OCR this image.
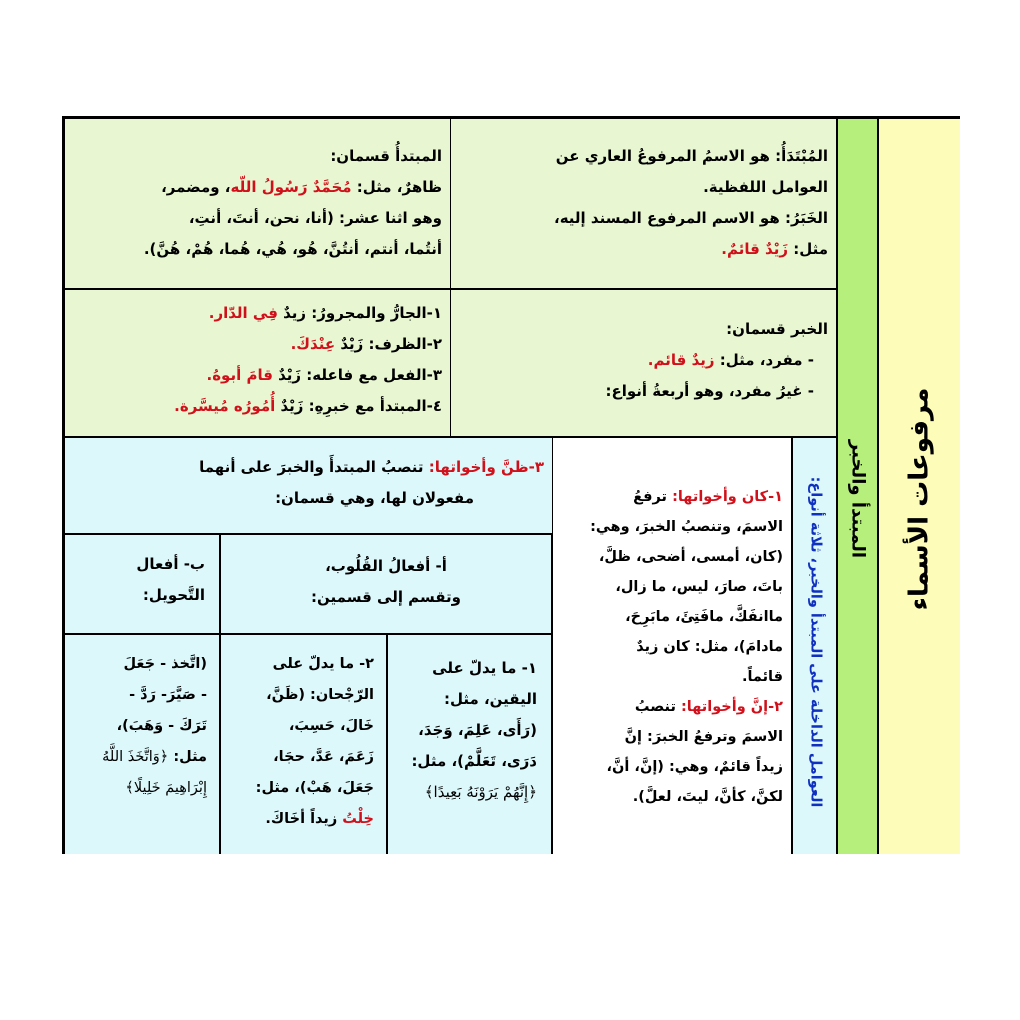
مرفوعات الأسماء
المبتدأ والخبر
العوامل الداخلة على المبتدأ والخبر، ثلاثة أنواع:
المُبْتَدَأُ: هو الاسمُ المرفوعُ العاري عن
العوامل اللفظية.
الخَبَرُ: هو الاسم المرفوع المسند إليه،
مثل: زَيْدٌ قائمٌ.
المبتدأُ قسمان:
ظاهرٌ، مثل: مُحَمَّدٌ رَسُولُ اللّه، ومضمر،
وهو اثنا عشر: (أنا، نحن، أنتَ، أنتِ،
أنتُما، أنتم، أنتُنَّ، هُو، هُي، هُما، هُمْ، هُنَّ).
الخبر قسمان:
- مفرد، مثل: زيدٌ قائم.
- غيرُ مفرد، وهو أربعةُ أنواع:
١-الجارُّ والمجرورُ: زيدٌ فِي الدّار.
٢-الظرف: زَيْدٌ عِنْدَكَ.
٣-الفعل مع فاعله: زَيْدٌ قامَ أبوهُ.
٤-المبتدأ مع خبرِهِ: زَيْدٌ أُمُورُه مُيسَّرة.
١-كان وأخواتها: ترفعُ
الاسمَ، وتنصبُ الخبرَ، وهي:
(كان، أمسى، أضحى، ظلَّ،
باتَ، صارَ، ليس، ما زال،
ماانفَكَّ، مافَتِئَ، مابَرِحَ،
مادامَ)، مثل: كان زيدٌ
قائماً.
٢-إنَّ وأخواتها: تنصبُ
الاسمَ وترفعُ الخبرَ: إنَّ
زيداً قائمٌ، وهي: (إنَّ، أنَّ،
لكنَّ، كأنَّ، ليتَ، لعلَّ).
٣-ظنَّ وأخواتها: تنصبُ المبتدأَ والخبرَ على أنهما
مفعولان لها، وهي قسمان:
أ- أفعالُ القُلُوب،
وتقسم إلى قسمين:
ب- أفعال
التَّحويل:
١- ما يدلّ على
اليقين، مثل:
(رَأَى، عَلِمَ، وَجَدَ،
دَرَى، تَعَلَّمْ)، مثل:
﴿إِنَّهُمْ يَرَوْنَهُ بَعِيدًا﴾
٢- ما يدلّ على
الرّجْحان: (ظَنَّ،
خَالَ، حَسِبَ،
زَعَمَ، عَدَّ، حجَا،
جَعَلَ، هَبْ)، مثل:
خِلْتُ زيداً أخَاكَ.
(اتَّخذ - جَعَلَ
- صَيَّرَ- رَدَّ -
تَرَكَ - وَهَبَ)،
مثل: ﴿وَاتَّخَذَ اللَّهُ
إِبْرَاهِيمَ خَلِيلًا﴾
